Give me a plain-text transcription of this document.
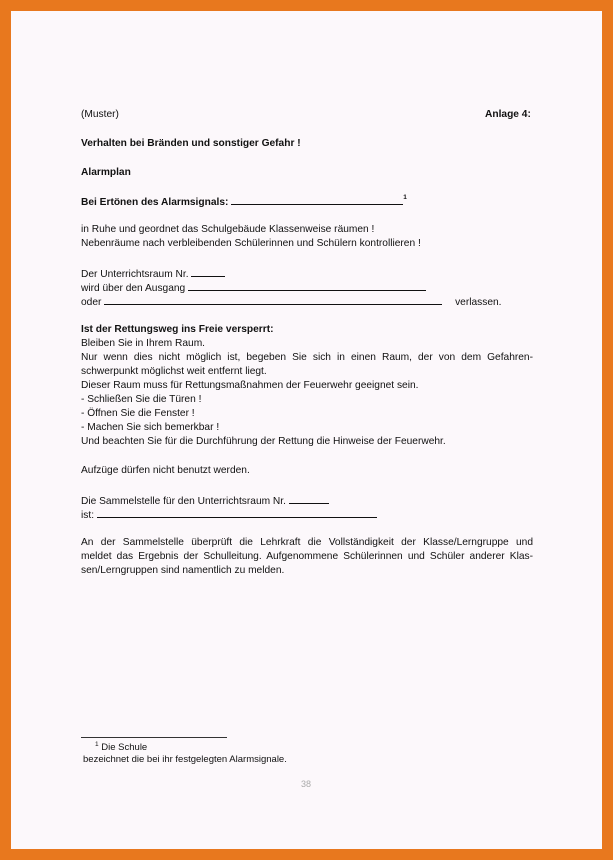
(Muster)	Anlage 4:
Verhalten bei Bränden und sonstiger Gefahr !
Alarmplan
Bei Ertönen des Alarmsignals:	$^1$
in Ruhe und geordnet das Schulgebäude Klassenweise räumen !
Nebenräume nach verbleibenden Schülerinnen und Schülern kontrollieren !
Der Unterrichtsraum Nr.
wird über den Ausgang
oder	verlassen.
Ist der Rettungsweg ins Freie versperrt:
Bleiben Sie in Ihrem Raum.
Nur wenn dies nicht möglich ist, begeben Sie sich in einen Raum, der von dem Gefahren-
schwerpunkt möglichst weit entfernt liegt.
Dieser Raum muss für Rettungsmaßnahmen der Feuerwehr geeignet sein.
- Schließen Sie die Türen !
- Öffnen Sie die Fenster !
- Machen Sie sich bemerkbar !
Und beachten Sie für die Durchführung der Rettung die Hinweise der Feuerwehr.
Aufzüge dürfen nicht benutzt werden.
Die Sammelstelle für den Unterrichtsraum Nr.
ist:
An der Sammelstelle überprüft die Lehrkraft die Vollständigkeit der Klasse/Lerngruppe und
meldet das Ergebnis der Schulleitung. Aufgenommene Schülerinnen und Schüler anderer Klas-
sen/Lerngruppen sind namentlich zu melden.
$^1$ Die Schule
bezeichnet die bei ihr festgelegten Alarmsignale.
38
